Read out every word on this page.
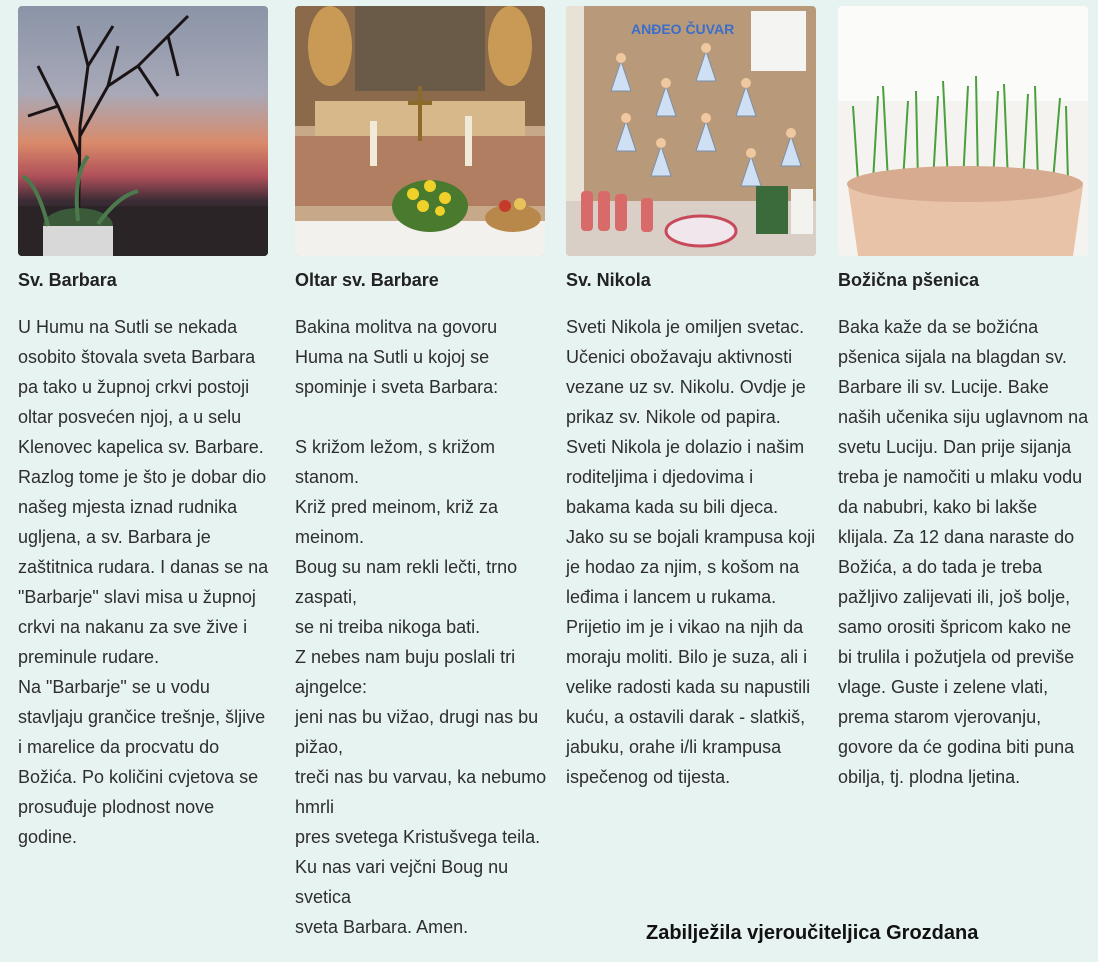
Sv. Barbara

U Humu na Sutli se nekada osobito štovala sveta Barbara pa tako u župnoj crkvi postoji oltar posvećen njoj, a u selu Klenovec kapelica sv. Barbare. Razlog tome je što je dobar dio našeg mjesta iznad rudnika ugljena, a sv. Barbara je zaštitnica rudara. I danas se na "Barbarje" slavi misa u župnoj crkvi na nakanu za sve žive i preminule rudare.

Na "Barbarje" se u vodu stavljaju grančice trešnje, šljive i marelice da procvatu do Božića. Po količini cvjetova se prosuđuje plodnost nove godine.

Oltar sv. Barbare

Bakina molitva na govoru Huma na Sutli u kojoj se spominje i sveta Barbara:

S križom ležom, s križom stanom.

Križ pred meinom, križ za meinom.

Boug su nam rekli lečti, trno zaspati,

se ni treiba nikoga bati.

Z nebes nam buju poslali tri ajngelce:

jeni nas bu vižao, drugi nas bu pižao,

treči nas bu varvau, ka nebumo hmrli

pres svetega Kristušvega teila.

Ku nas vari vejčni Boug nu svetica

sveta Barbara. Amen.

ANĐEO ČUVAR
Sv. Nikola

Sveti Nikola je omiljen svetac. Učenici obožavaju aktivnosti vezane uz sv. Nikolu. Ovdje je prikaz sv. Nikole od papira. Sveti Nikola je dolazio i našim roditeljima i djedovima i bakama kada su bili djeca. Jako su se bojali krampusa koji je hodao za njim, s košom na leđima i lancem u rukama. Prijetio im je i vikao na njih da moraju moliti. Bilo je suza, ali i velike radosti kada su napustili kuću, a ostavili darak - slatkiš, jabuku, orahe i/li krampusa ispečenog od tijesta.

Božična pšenica

Baka kaže da se božićna pšenica sijala na blagdan sv. Barbare ili sv. Lucije. Bake naših učenika siju uglavnom na svetu Luciju. Dan prije sijanja treba je namočiti u mlaku vodu da nabubri, kako bi lakše klijala. Za 12 dana naraste do Božića, a do tada je treba pažljivo zalijevati ili, još bolje, samo orositi špricom kako ne bi trulila i požutjela od previše vlage. Guste i zelene vlati, prema starom vjerovanju, govore da će godina biti puna obilja, tj. plodna ljetina.

Zabilježila vjeroučiteljica Grozdana
